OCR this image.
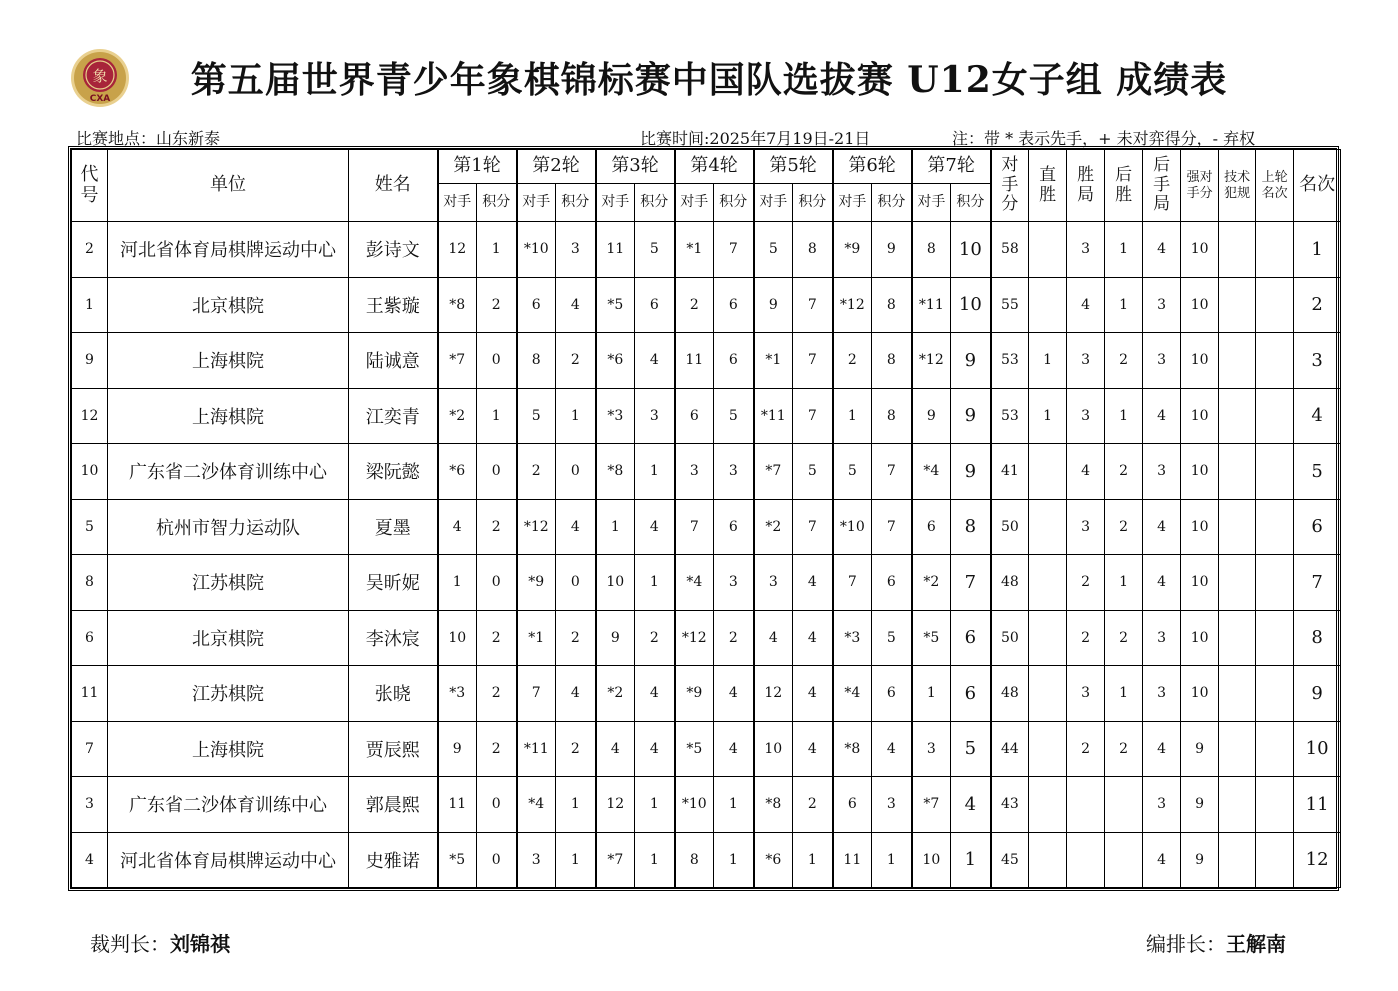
象
CXA	第五届世界青少年象棋锦标赛中国队选拔赛 U12女子组 成绩表
比赛地点：山东新泰	比赛时间:2025年7月19日-21日	注：带 * 表示先手，+ 未对弈得分，- 弃权
代号	单位	姓名	第1轮		第2轮		第3轮		第4轮		第5轮		第6轮		第7轮		对手分	直胜	胜局	后胜	后手局	强对手分	技术犯规	上轮名次	名次
			对手	积分	对手	积分	对手	积分	对手	积分	对手	积分	对手	积分	对手	积分									
2	河北省体育局棋牌运动中心	彭诗文	12	1	*10	3	11	5	*1	7	5	8	*9	9	8	10	58		3	1	4	10			1
1	北京棋院	王紫璇	*8	2	6	4	*5	6	2	6	9	7	*12	8	*11	10	55		4	1	3	10			2
9	上海棋院	陆诚意	*7	0	8	2	*6	4	11	6	*1	7	2	8	*12	9	53	1	3	2	3	10			3
12	上海棋院	江奕青	*2	1	5	1	*3	3	6	5	*11	7	1	8	9	9	53	1	3	1	4	10			4
10	广东省二沙体育训练中心	梁阮懿	*6	0	2	0	*8	1	3	3	*7	5	5	7	*4	9	41		4	2	3	10			5
5	杭州市智力运动队	夏墨	4	2	*12	4	1	4	7	6	*2	7	*10	7	6	8	50		3	2	4	10			6
8	江苏棋院	吴昕妮	1	0	*9	0	10	1	*4	3	3	4	7	6	*2	7	48		2	1	4	10			7
6	北京棋院	李沐宸	10	2	*1	2	9	2	*12	2	4	4	*3	5	*5	6	50		2	2	3	10			8
11	江苏棋院	张晓	*3	2	7	4	*2	4	*9	4	12	4	*4	6	1	6	48		3	1	3	10			9
7	上海棋院	贾辰熙	9	2	*11	2	4	4	*5	4	10	4	*8	4	3	5	44		2	2	4	9			10
3	广东省二沙体育训练中心	郭晨熙	11	0	*4	1	12	1	*10	1	*8	2	6	3	*7	4	43				3	9			11
4	河北省体育局棋牌运动中心	史雅诺	*5	0	3	1	*7	1	8	1	*6	1	11	1	10	1	45				4	9			12
裁判长：刘锦祺	编排长：王解南
